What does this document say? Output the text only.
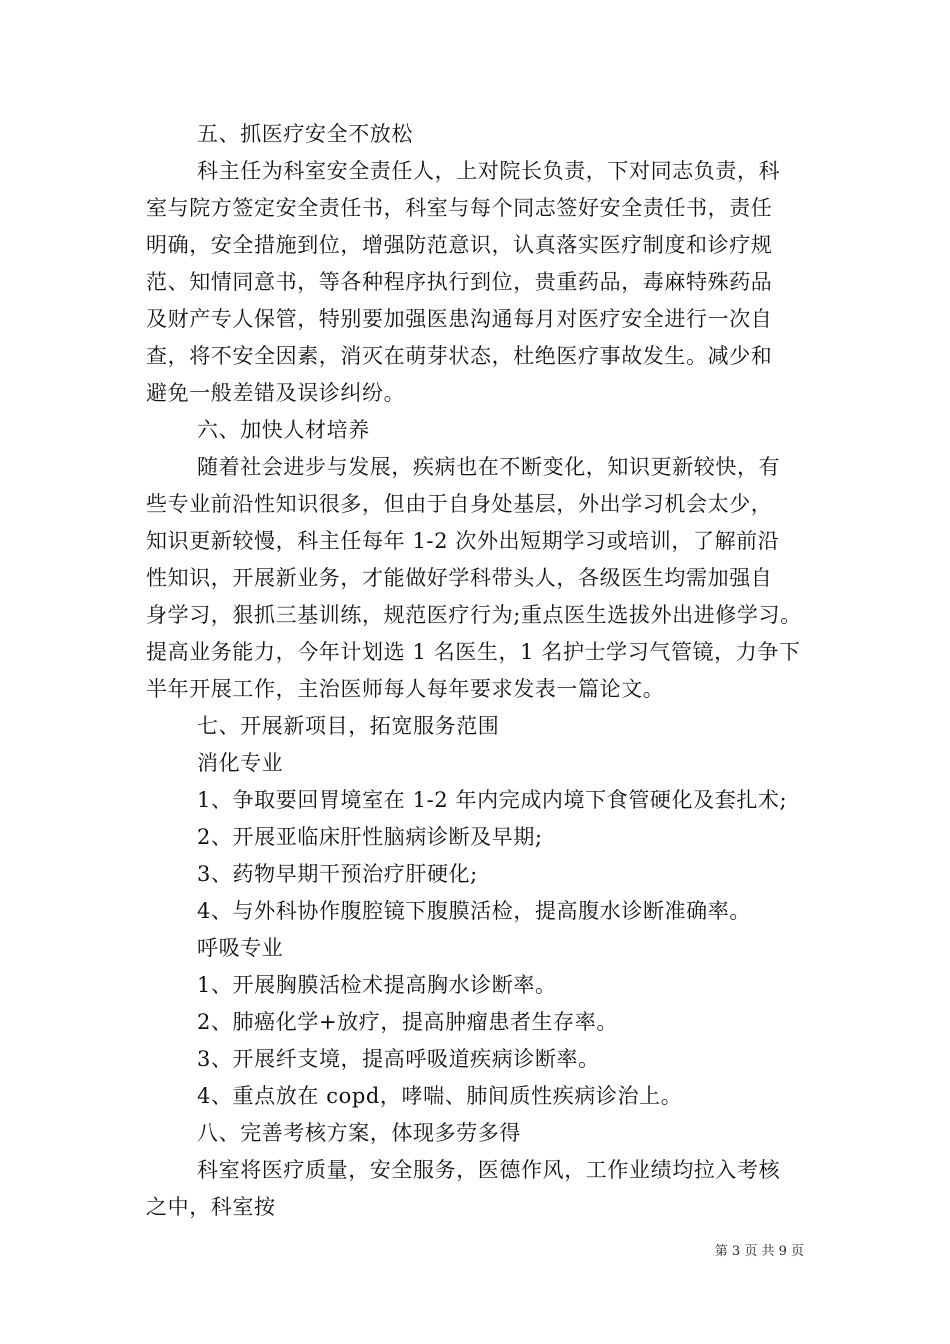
五、抓医疗安全不放松
科主任为科室安全责任人，上对院长负责，下对同志负责，科
室与院方签定安全责任书，科室与每个同志签好安全责任书，责任
明确，安全措施到位，增强防范意识，认真落实医疗制度和诊疗规
范、知情同意书，等各种程序执行到位，贵重药品，毒麻特殊药品
及财产专人保管，特别要加强医患沟通每月对医疗安全进行一次自
查，将不安全因素，消灭在萌芽状态，杜绝医疗事故发生。减少和
避免一般差错及误诊纠纷。
六、加快人材培养
随着社会进步与发展，疾病也在不断变化，知识更新较快，有
些专业前沿性知识很多，但由于自身处基层，外出学习机会太少，
知识更新较慢，科主任每年 1-2 次外出短期学习或培训，了解前沿
性知识，开展新业务，才能做好学科带头人，各级医生均需加强自
身学习，狠抓三基训练，规范医疗行为;重点医生选拔外出进修学习。
提高业务能力，今年计划选 1 名医生，1 名护士学习气管镜，力争下
半年开展工作，主治医师每人每年要求发表一篇论文。
七、开展新项目，拓宽服务范围
消化专业
1、争取要回胃境室在 1-2 年内完成内境下食管硬化及套扎术;
2、开展亚临床肝性脑病诊断及早期;
3、药物早期干预治疗肝硬化;
4、与外科协作腹腔镜下腹膜活检，提高腹水诊断准确率。
呼吸专业
1、开展胸膜活检术提高胸水诊断率。
2、肺癌化学+放疗，提高肿瘤患者生存率。
3、开展纤支境，提高呼吸道疾病诊断率。
4、重点放在 copd，哮喘、肺间质性疾病诊治上。
八、完善考核方案，体现多劳多得
科室将医疗质量，安全服务，医德作风，工作业绩均拉入考核
之中，科室按
第 3 页 共 9 页
